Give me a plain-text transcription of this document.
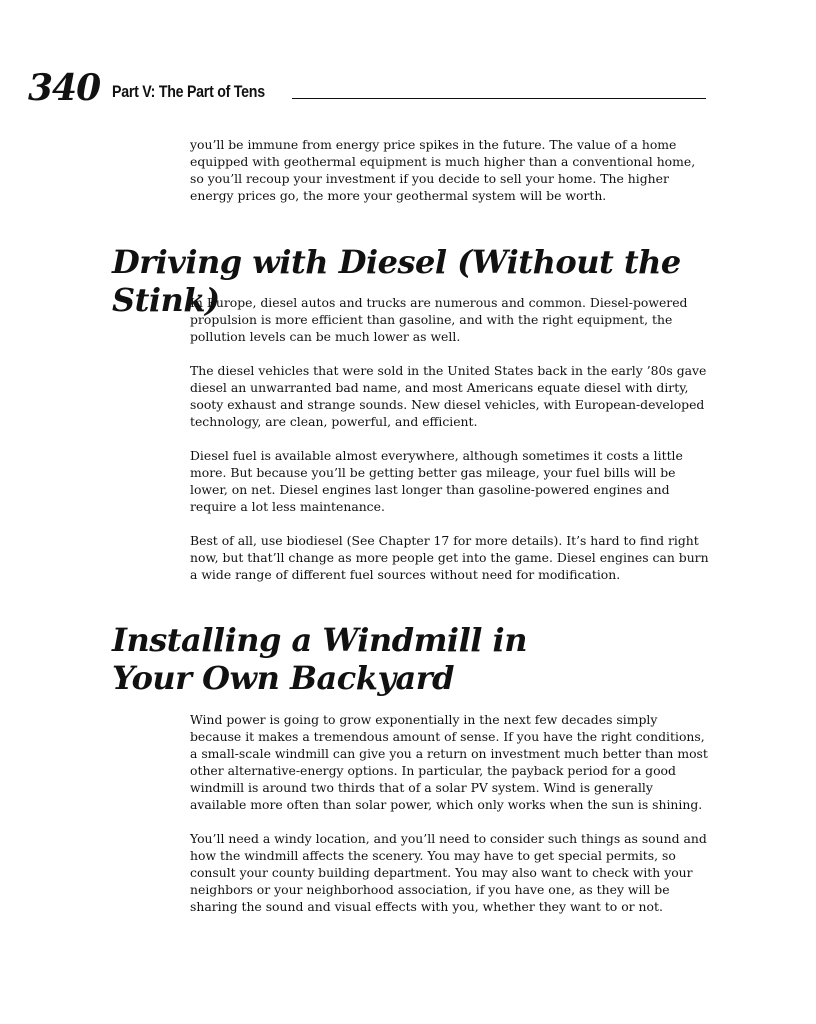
340 Part V: The Part of Tens

you’ll be immune from energy price spikes in the future. The value of a home equipped with geothermal equipment is much higher than a conventional home, so you’ll recoup your investment if you decide to sell your home. The higher energy prices go, the more your geothermal system will be worth.

Driving with Diesel (Without the Stink)

In Europe, diesel autos and trucks are numerous and common. Diesel-powered propulsion is more efficient than gasoline, and with the right equipment, the pollution levels can be much lower as well.

The diesel vehicles that were sold in the United States back in the early ’80s gave diesel an unwarranted bad name, and most Americans equate diesel with dirty, sooty exhaust and strange sounds. New diesel vehicles, with European-developed technology, are clean, powerful, and efficient.

Diesel fuel is available almost everywhere, although sometimes it costs a little more. But because you’ll be getting better gas mileage, your fuel bills will be lower, on net. Diesel engines last longer than gasoline-powered engines and require a lot less maintenance.

Best of all, use biodiesel (See Chapter 17 for more details). It’s hard to find right now, but that’ll change as more people get into the game. Diesel engines can burn a wide range of different fuel sources without need for modification.

Installing a Windmill in
Your Own Backyard

Wind power is going to grow exponentially in the next few decades simply because it makes a tremendous amount of sense. If you have the right conditions, a small-scale windmill can give you a return on investment much better than most other alternative-energy options. In particular, the payback period for a good windmill is around two thirds that of a solar PV system. Wind is generally available more often than solar power, which only works when the sun is shining.

You’ll need a windy location, and you’ll need to consider such things as sound and how the windmill affects the scenery. You may have to get special permits, so consult your county building department. You may also want to check with your neighbors or your neighborhood association, if you have one, as they will be sharing the sound and visual effects with you, whether they want to or not.
